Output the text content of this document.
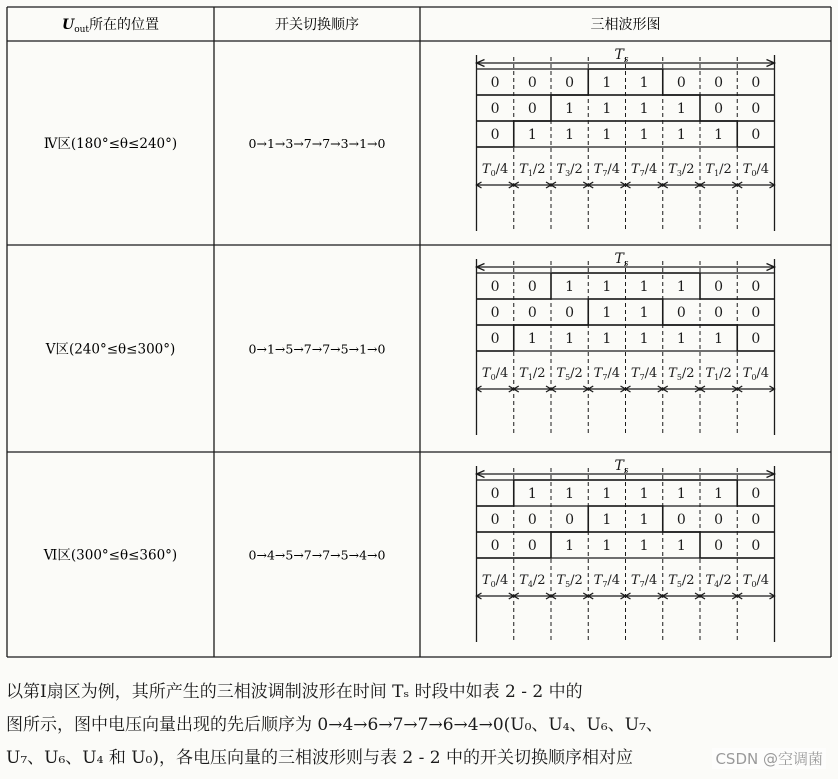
$U_{out}$所在的位置	开关切换顺序	三相波形图
Ⅳ区(180°≤θ≤240°)	0→1→3→7→7→3→1→0
$T_s$
0 0 0 1 1 0 0 0
0 0 1 1 1 1 0 0
0 1 1 1 1 1 1 0
$T_0/4$ $T_1/2$ $T_3/2$ $T_7/4$ $T_7/4$ $T_3/2$ $T_1/2$ $T_0/4$
Ⅴ区(240°≤θ≤300°)	0→1→5→7→7→5→1→0
$T_s$
0 0 1 1 1 1 0 0
0 0 0 1 1 0 0 0
0 1 1 1 1 1 1 0
$T_0/4$ $T_1/2$ $T_5/2$ $T_7/4$ $T_7/4$ $T_5/2$ $T_1/2$ $T_0/4$
Ⅵ区(300°≤θ≤360°)	0→4→5→7→7→5→4→0
$T_s$
0 1 1 1 1 1 1 0
0 0 0 1 1 0 0 0
0 0 1 1 1 1 0 0
$T_0/4$ $T_4/2$ $T_5/2$ $T_7/4$ $T_7/4$ $T_5/2$ $T_4/2$ $T_0/4$
以第Ⅰ扇区为例，其所产生的三相波调制波形在时间 Tₛ 时段中如表 2 - 2 中的
图所示，图中电压向量出现的先后顺序为 0→4→6→7→7→6→4→0(U₀、U₄、U₆、U₇、
U₇、U₆、U₄ 和 U₀)，各电压向量的三相波形则与表 2 - 2 中的开关切换顺序相对应	CSDN @空调菌
